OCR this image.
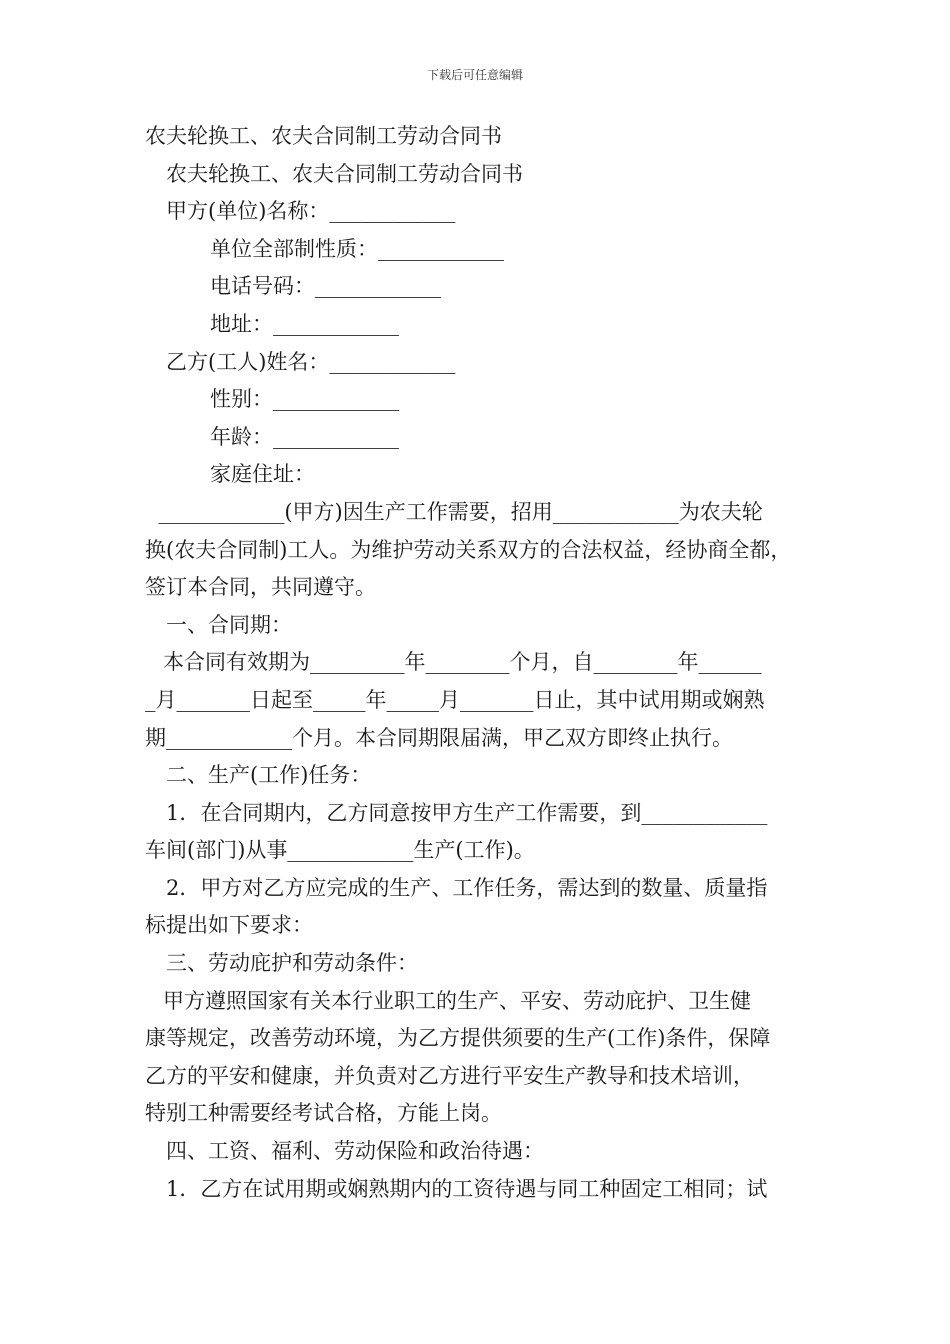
下载后可任意编辑
农夫轮换工、农夫合同制工劳动合同书
农夫轮换工、农夫合同制工劳动合同书
甲方(单位)名称：____________
单位全部制性质：____________
电话号码：____________
地址：____________
乙方(工人)姓名：____________
性别：____________
年龄：____________
家庭住址：
____________(甲方)因生产工作需要，招用____________为农夫轮
换(农夫合同制)工人。为维护劳动关系双方的合法权益，经协商全都，
签订本合同，共同遵守。
一、合同期：
本合同有效期为_________年________个月，自________年______
_月_______日起至_____年_____月_______日止，其中试用期或娴熟
期____________个月。本合同期限届满，甲乙双方即终止执行。
二、生产(工作)任务：
1．在合同期内，乙方同意按甲方生产工作需要，到____________
车间(部门)从事____________生产(工作)。
2．甲方对乙方应完成的生产、工作任务，需达到的数量、质量指
标提出如下要求：
三、劳动庇护和劳动条件：
甲方遵照国家有关本行业职工的生产、平安、劳动庇护、卫生健
康等规定，改善劳动环境，为乙方提供须要的生产(工作)条件，保障
乙方的平安和健康，并负责对乙方进行平安生产教导和技术培训，
特别工种需要经考试合格，方能上岗。
四、工资、福利、劳动保险和政治待遇：
1．乙方在试用期或娴熟期内的工资待遇与同工种固定工相同；试
